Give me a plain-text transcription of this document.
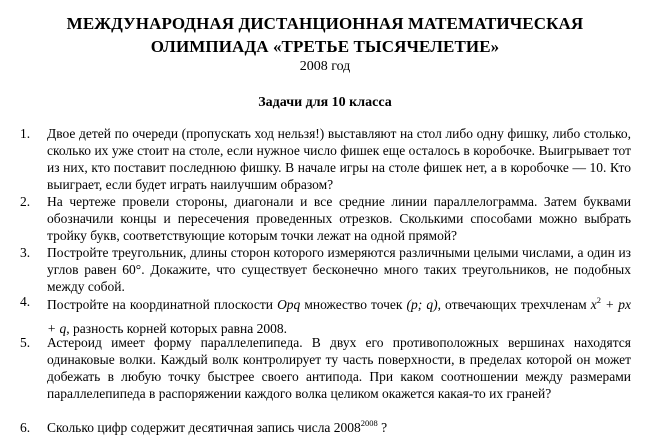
МЕЖДУНАРОДНАЯ ДИСТАНЦИОННАЯ МАТЕМАТИЧЕСКАЯ
ОЛИМПИАДА «ТРЕТЬЕ ТЫСЯЧЕЛЕТИЕ»
2008 год
Задачи для 10 класса
1. Двое детей по очереди (пропускать ход нельзя!) выставляют на стол либо одну фишку, либо столько, сколько их уже стоит на столе, если нужное число фишек еще осталось в коробочке. Выигрывает тот из них, кто поставит последнюю фишку. В начале игры на столе фишек нет, а в коробочке — 10. Кто выиграет, если будет играть наилучшим образом?
2. На чертеже провели стороны, диагонали и все средние линии параллелограмма. Затем буквами обозначили концы и пересечения проведенных отрезков. Сколькими способами можно выбрать тройку букв, соответствующие которым точки лежат на одной прямой?
3. Постройте треугольник, длины сторон которого измеряются различными целыми числами, а один из углов равен 60°. Докажите, что существует бесконечно много таких треугольников, не подобных между собой.
4. Постройте на координатной плоскости Opq множество точек (p; q), отвечающих трехчленам $x^2$ + px + q, разность корней которых равна 2008.
5. Астероид имеет форму параллелепипеда. В двух его противоположных вершинах находятся одинаковые волки. Каждый волк контролирует ту часть поверхности, в пределах которой он может добежать в любую точку быстрее своего антипода. При каком соотношении между размерами параллелепипеда в распоряжении каждого волка целиком окажется какая-то их граней?
6. Сколько цифр содержит десятичная запись числа $2008^{2008}$ ?
